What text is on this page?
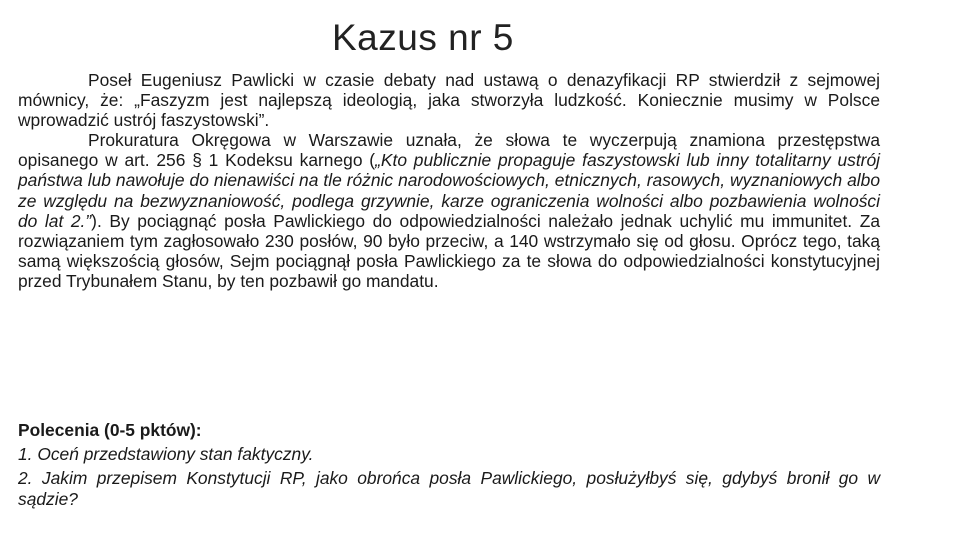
Kazus nr 5

Poseł Eugeniusz Pawlicki w czasie debaty nad ustawą o denazyfikacji RP stwierdził z sejmowej mównicy, że: „Faszyzm jest najlepszą ideologią, jaka stworzyła ludzkość. Koniecznie musimy w Polsce wprowadzić ustrój faszystowski”.

Prokuratura Okręgowa w Warszawie uznała, że słowa te wyczerpują znamiona przestępstwa opisanego w art. 256 § 1 Kodeksu karnego („Kto publicznie propaguje faszystowski lub inny totalitarny ustrój państwa lub nawołuje do nienawiści na tle różnic narodowościowych, etnicznych, rasowych, wyznaniowych albo ze względu na bezwyznaniowość, podlega grzywnie, karze ograniczenia wolności albo pozbawienia wolności do lat 2.”). By pociągnąć posła Pawlickiego do odpowiedzialności należało jednak uchylić mu immunitet. Za rozwiązaniem tym zagłosowało 230 posłów, 90 było przeciw, a 140 wstrzymało się od głosu. Oprócz tego, taką samą większością głosów, Sejm pociągnął posła Pawlickiego za te słowa do odpowiedzialności konstytucyjnej przed Trybunałem Stanu, by ten pozbawił go mandatu.

Polecenia (0-5 pktów):

1. Oceń przedstawiony stan faktyczny.

2. Jakim przepisem Konstytucji RP, jako obrońca posła Pawlickiego, posłużyłbyś się, gdybyś bronił go w sądzie?
